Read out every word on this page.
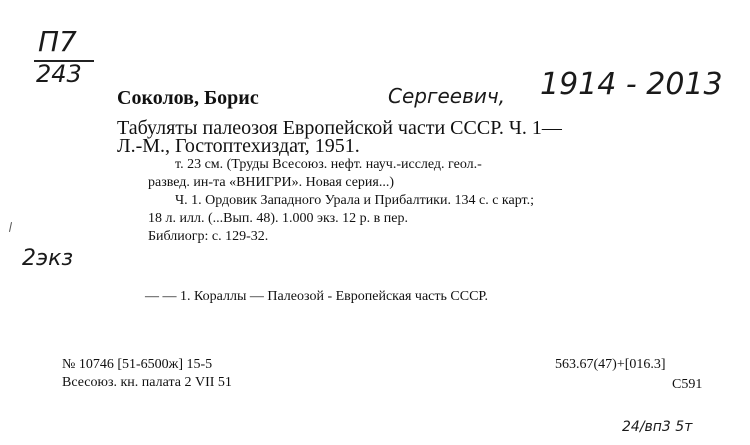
П7
243
Соколов, Борис	Сергеевич, 1914 - 2013
Табуляты палеозоя Европейской части СССР. Ч. 1—
Л.-М., Гостоптехиздат, 1951.
т. 23 см. (Труды Всесоюз. нефт. науч.-исслед. геол.-
развед. ин-та «ВНИГРИ». Новая серия...)
Ч. 1. Ордовик Западного Урала и Прибалтики. 134 с. с карт.;
18 л. илл. (...Вып. 48). 1.000 экз. 12 р. в пер.
Библиогр: с. 129-32.
2экз
— — 1. Кораллы — Палеозой - Европейская часть СССР.
№ 10746 [51-6500ж] 15-5
Всесоюз. кн. палата 2 VII 51
563.67(47)+[016.3]
С591
24/вп3 5т
